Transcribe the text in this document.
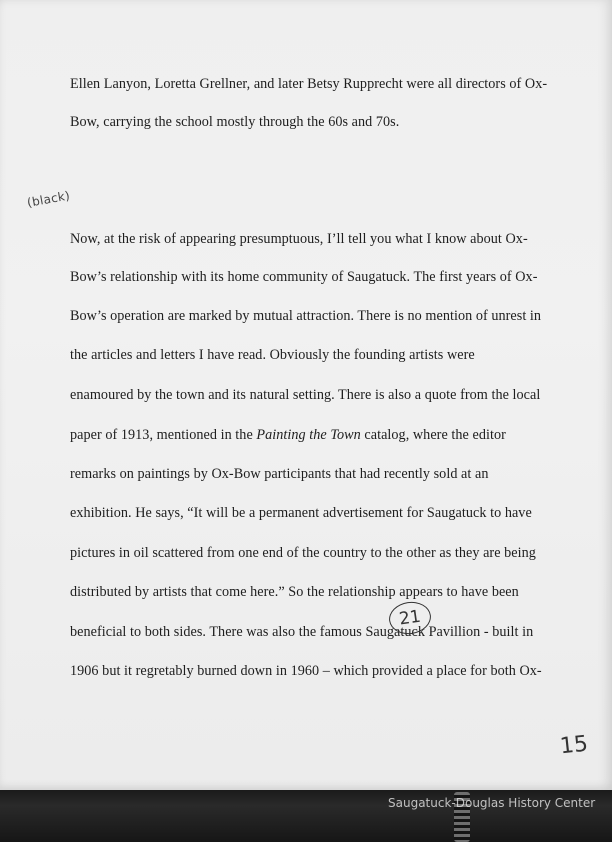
Ellen Lanyon, Loretta Grellner, and later Betsy Rupprecht were all directors of Ox-
Bow, carrying the school mostly through the 60s and 70s.
(black)
Now, at the risk of appearing presumptuous, I’ll tell you what I know about Ox-
Bow’s relationship with its home community of Saugatuck. The first years of Ox-
Bow’s operation are marked by mutual attraction. There is no mention of unrest in
the articles and letters I have read. Obviously the founding artists were
enamoured by the town and its natural setting. There is also a quote from the local
paper of 1913, mentioned in the Painting the Town catalog, where the editor
remarks on paintings by Ox-Bow participants that had recently sold at an
exhibition. He says, “It will be a permanent advertisement for Saugatuck to have
pictures in oil scattered from one end of the country to the other as they are being
distributed by artists that come here.” So the relationship appears to have been
beneficial to both sides. There was also the famous Saugatuck Pavillion - built in
1906 but it regretably burned down in 1960 – which provided a place for both Ox-
21
15
Saugatuck-Douglas History Center
